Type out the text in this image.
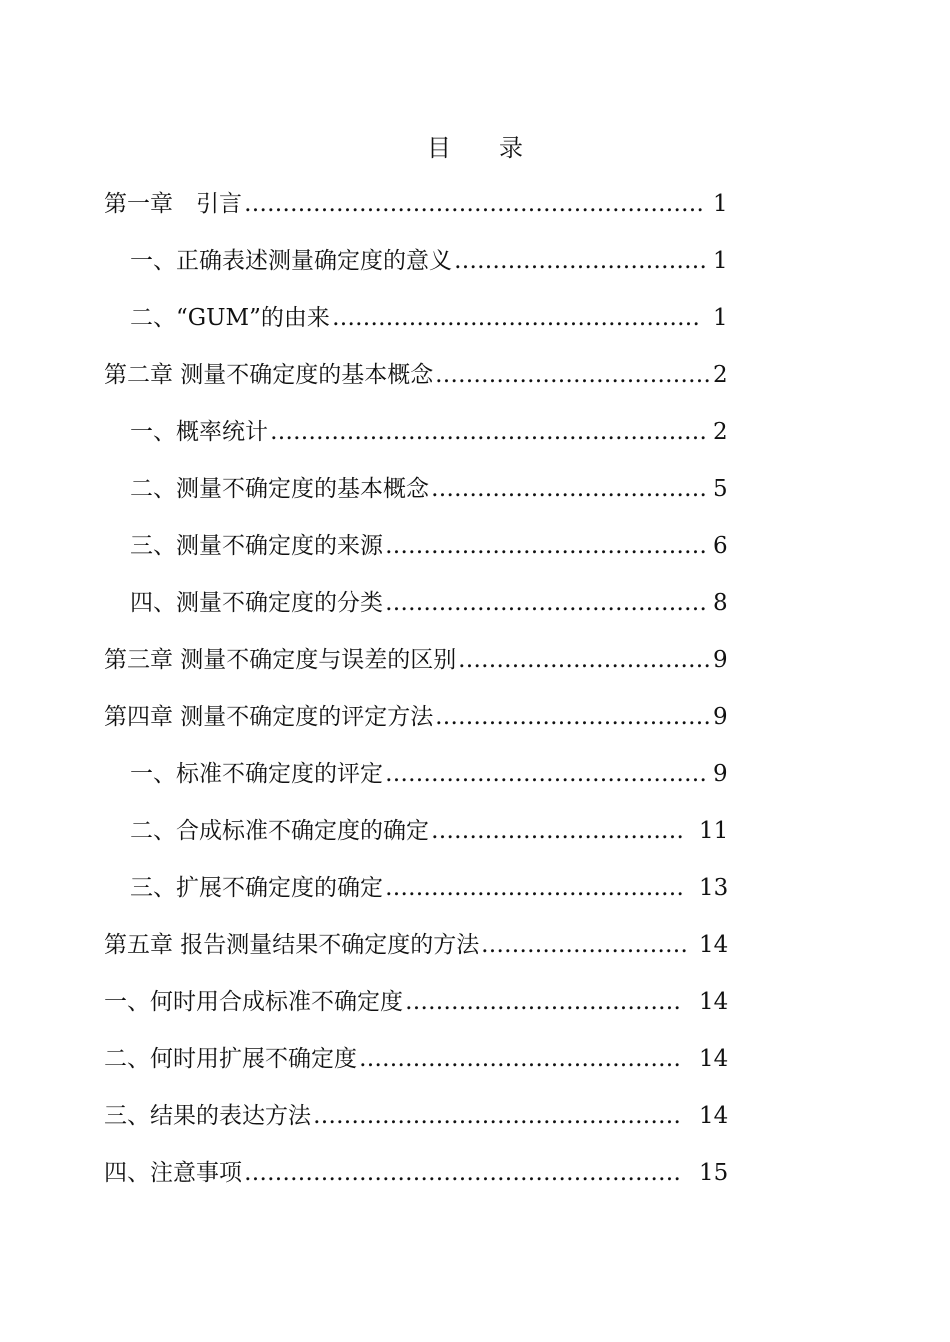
目 录
第一章　引言 …………………………………………………… 1
一、正确表述测量确定度的意义 …………………………… 1
二、“GUM”的由来 ………………………………………… 1
第二章 测量不确定度的基本概念 ……………………………… 2
一、概率统计 ………………………………………………… 2
二、测量不确定度的基本概念 ……………………………… 5
三、测量不确定度的来源 …………………………………… 6
四、测量不确定度的分类 …………………………………… 8
第三章 测量不确定度与误差的区别 …………………………… 9
第四章 测量不确定度的评定方法 ……………………………… 9
一、标准不确定度的评定 …………………………………… 9
二、合成标准不确定度的确定 …………………………… 11
三、扩展不确定度的确定 ………………………………… 13
第五章 报告测量结果不确定度的方法 ……………………… 14
一、何时用合成标准不确定度 ……………………………… 14
二、何时用扩展不确定度 …………………………………… 14
三、结果的表达方法 ………………………………………… 14
四、注意事项 ………………………………………………… 15
